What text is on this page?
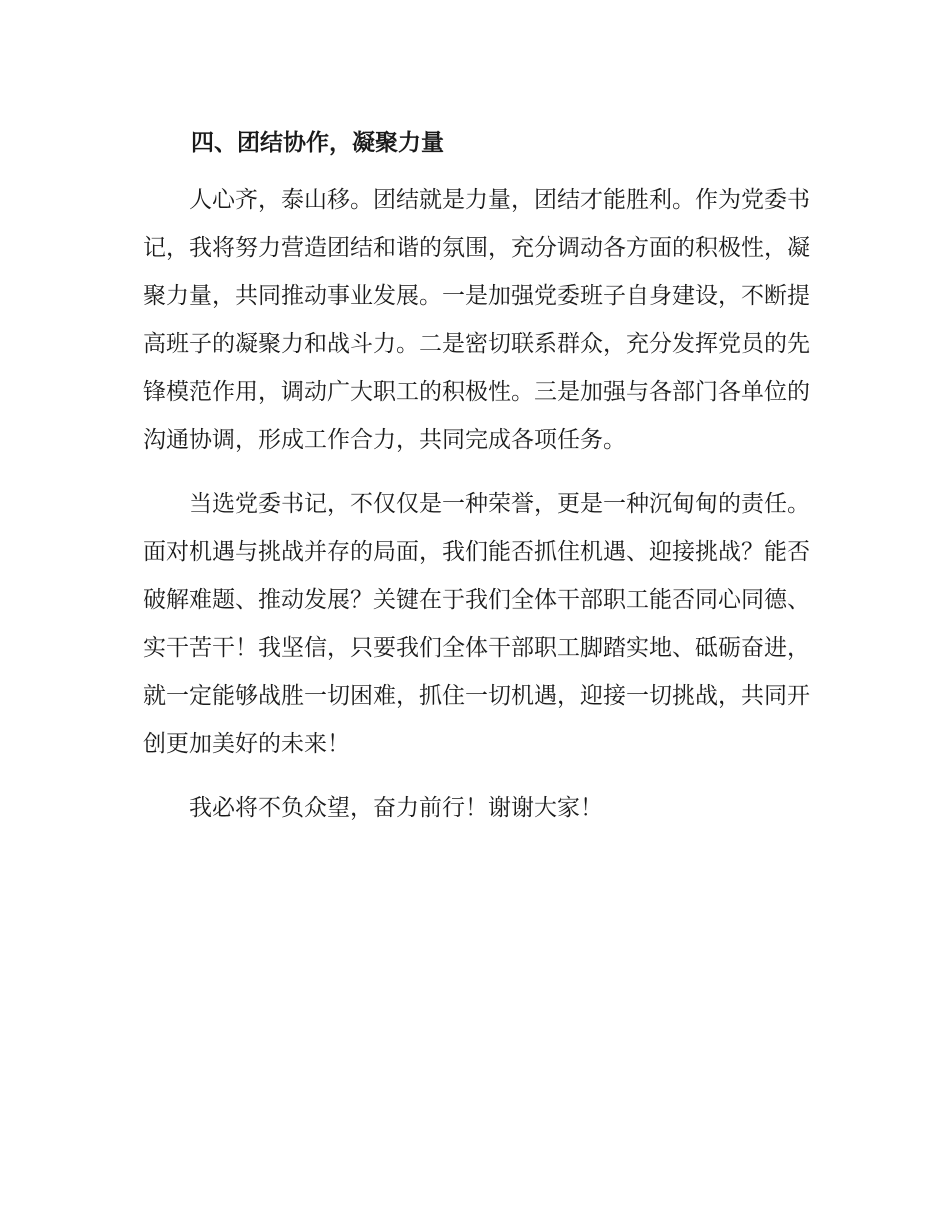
四、团结协作，凝聚力量

人心齐，泰山移。团结就是力量，团结才能胜利。作为党委书记，我将努力营造团结和谐的氛围，充分调动各方面的积极性，凝聚力量，共同推动事业发展。一是加强党委班子自身建设，不断提高班子的凝聚力和战斗力。二是密切联系群众，充分发挥党员的先锋模范作用，调动广大职工的积极性。三是加强与各部门各单位的沟通协调，形成工作合力，共同完成各项任务。

当选党委书记，不仅仅是一种荣誉，更是一种沉甸甸的责任。面对机遇与挑战并存的局面，我们能否抓住机遇、迎接挑战？能否破解难题、推动发展？关键在于我们全体干部职工能否同心同德、实干苦干！我坚信，只要我们全体干部职工脚踏实地、砥砺奋进，就一定能够战胜一切困难，抓住一切机遇，迎接一切挑战，共同开创更加美好的未来！

我必将不负众望，奋力前行！谢谢大家！
